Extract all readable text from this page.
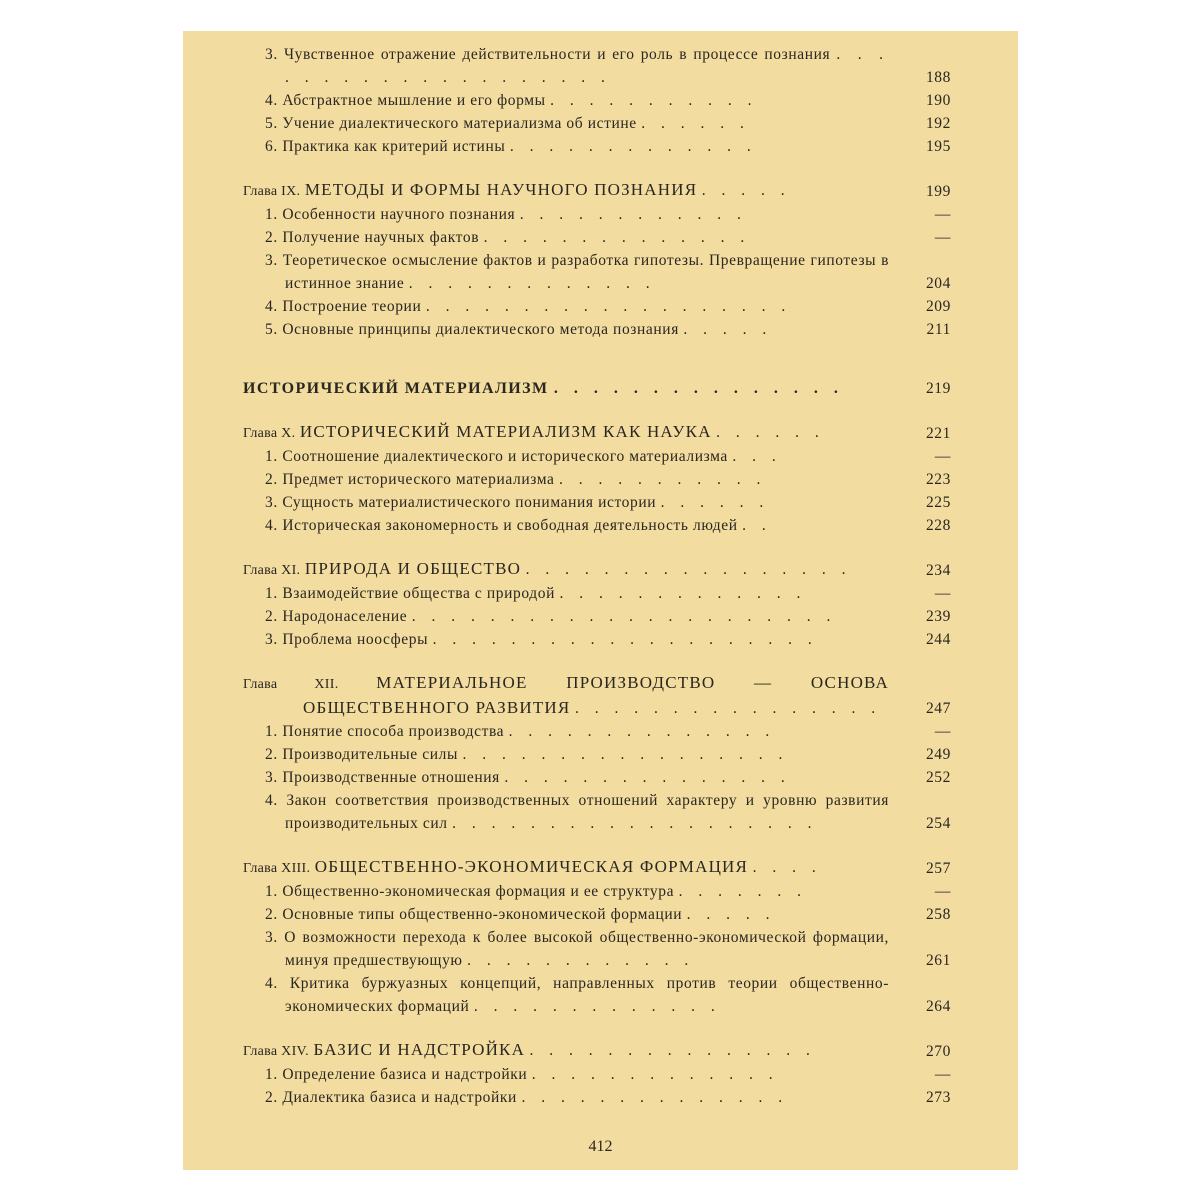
3. Чувственное отражение действительности и его роль в процессе познания . . . . . . . . . . . . . . . . . . . .	188
4. Абстрактное мышление и его формы . . . . . . . . . . .	190
5. Учение диалектического материализма об истине . . . . . .	192
6. Практика как критерий истины . . . . . . . . . . . . .	195
Глава IX. МЕТОДЫ И ФОРМЫ НАУЧНОГО ПОЗНАНИЯ . . . . .	199
1. Особенности научного познания . . . . . . . . . . . .	—
2. Получение научных фактов . . . . . . . . . . . . . .	—
3. Теоретическое осмысление фактов и разработка гипотезы. Превращение гипотезы в истинное знание . . . . . . . . . . . . .	204
4. Построение теории . . . . . . . . . . . . . . . . . . .	209
5. Основные принципы диалектического метода познания . . . . .	211
ИСТОРИЧЕСКИЙ МАТЕРИАЛИЗМ . . . . . . . . . . . . . . .	219
Глава X. ИСТОРИЧЕСКИЙ МАТЕРИАЛИЗМ КАК НАУКА . . . . . .	221
1. Соотношение диалектического и исторического материализма . . .	—
2. Предмет исторического материализма . . . . . . . . . . .	223
3. Сущность материалистического понимания истории . . . . . .	225
4. Историческая закономерность и свободная деятельность людей . .	228
Глава XI. ПРИРОДА И ОБЩЕСТВО . . . . . . . . . . . . . . . . .	234
1. Взаимодействие общества с природой . . . . . . . . . . . . .	—
2. Народонаселение . . . . . . . . . . . . . . . . . . . . . .	239
3. Проблема ноосферы . . . . . . . . . . . . . . . . . . . .	244
Глава XII. МАТЕРИАЛЬНОЕ ПРОИЗВОДСТВО — ОСНОВА ОБЩЕСТВЕННОГО РАЗВИТИЯ . . . . . . . . . . . . . . . .	247
1. Понятие способа производства . . . . . . . . . . . . . .	—
2. Производительные силы . . . . . . . . . . . . . . . . .	249
3. Производственные отношения . . . . . . . . . . . . . . .	252
4. Закон соответствия производственных отношений характеру и уровню развития производительных сил . . . . . . . . . . . . . . . . . . .	254
Глава XIII. ОБЩЕСТВЕННО-ЭКОНОМИЧЕСКАЯ ФОРМАЦИЯ . . . .	257
1. Общественно-экономическая формация и ее структура . . . . . . .	—
2. Основные типы общественно-экономической формации . . . . .	258
3. О возможности перехода к более высокой общественно-экономической формации, минуя предшествующую . . . . . . . . . . . .	261
4. Критика буржуазных концепций, направленных против теории общественно-экономических формаций . . . . . . . . . . . . .	264
Глава XIV. БАЗИС И НАДСТРОЙКА . . . . . . . . . . . . . . .	270
1. Определение базиса и надстройки . . . . . . . . . . . . .	—
2. Диалектика базиса и надстройки . . . . . . . . . . . . . .	273
412
